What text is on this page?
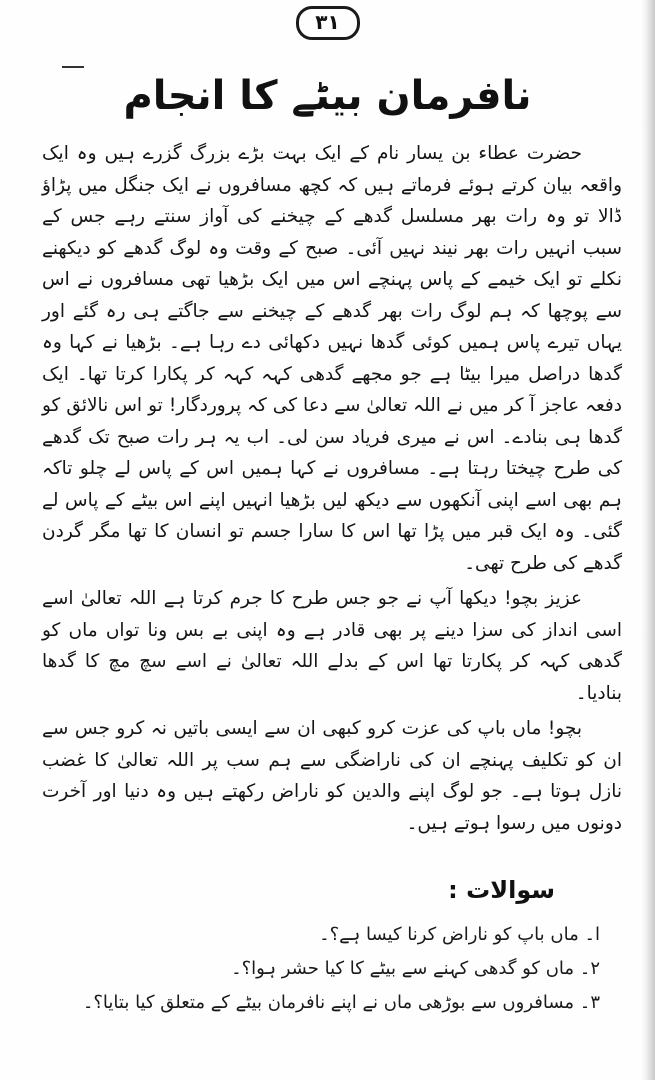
۳۱
نافرمان بیٹے کا انجام

حضرت عطاء بن یسار نام کے ایک بہت بڑے بزرگ گزرے ہیں وہ ایک واقعہ بیان کرتے ہوئے فرماتے ہیں کہ کچھ مسافروں نے ایک جنگل میں پڑاؤ ڈالا تو وہ رات بھر مسلسل گدھے کے چیخنے کی آواز سنتے رہے جس کے سبب انہیں رات بھر نیند نہیں آئی۔ صبح کے وقت وہ لوگ گدھے کو دیکھنے نکلے تو ایک خیمے کے پاس پہنچے اس میں ایک بڑھیا تھی مسافروں نے اس سے پوچھا کہ ہم لوگ رات بھر گدھے کے چیخنے سے جاگتے ہی رہ گئے اور یہاں تیرے پاس ہمیں کوئی گدھا نہیں دکھائی دے رہا ہے۔ بڑھیا نے کہا وہ گدھا دراصل میرا بیٹا ہے جو مجھے گدھی کہہ کہہ کر پکارا کرتا تھا۔ ایک دفعہ عاجز آ کر میں نے اللہ تعالیٰ سے دعا کی کہ پروردگار! تو اس نالائق کو گدھا ہی بنادے۔ اس نے میری فریاد سن لی۔ اب یہ ہر رات صبح تک گدھے کی طرح چیختا رہتا ہے۔ مسافروں نے کہا ہمیں اس کے پاس لے چلو تاکہ ہم بھی اسے اپنی آنکھوں سے دیکھ لیں بڑھیا انہیں اپنے اس بیٹے کے پاس لے گئی۔ وہ ایک قبر میں پڑا تھا اس کا سارا جسم تو انسان کا تھا مگر گردن گدھے کی طرح تھی۔

عزیز بچو! دیکھا آپ نے جو جس طرح کا جرم کرتا ہے اللہ تعالیٰ اسے اسی انداز کی سزا دینے پر بھی قادر ہے وہ اپنی بے بس ونا تواں ماں کو گدھی کہہ کر پکارتا تھا اس کے بدلے اللہ تعالیٰ نے اسے سچ مچ کا گدھا بنادیا۔

بچو! ماں باپ کی عزت کرو کبھی ان سے ایسی باتیں نہ کرو جس سے ان کو تکلیف پہنچے ان کی ناراضگی سے ہم سب پر اللہ تعالیٰ کا غضب نازل ہوتا ہے۔ جو لوگ اپنے والدین کو ناراض رکھتے ہیں وہ دنیا اور آخرت دونوں میں رسوا ہوتے ہیں۔

سوالات :
ا۔ ماں باپ کو ناراض کرنا کیسا ہے؟۔
۲۔ ماں کو گدھی کہنے سے بیٹے کا کیا حشر ہوا؟۔
۳۔ مسافروں سے بوڑھی ماں نے اپنے نافرمان بیٹے کے متعلق کیا بتایا؟۔
